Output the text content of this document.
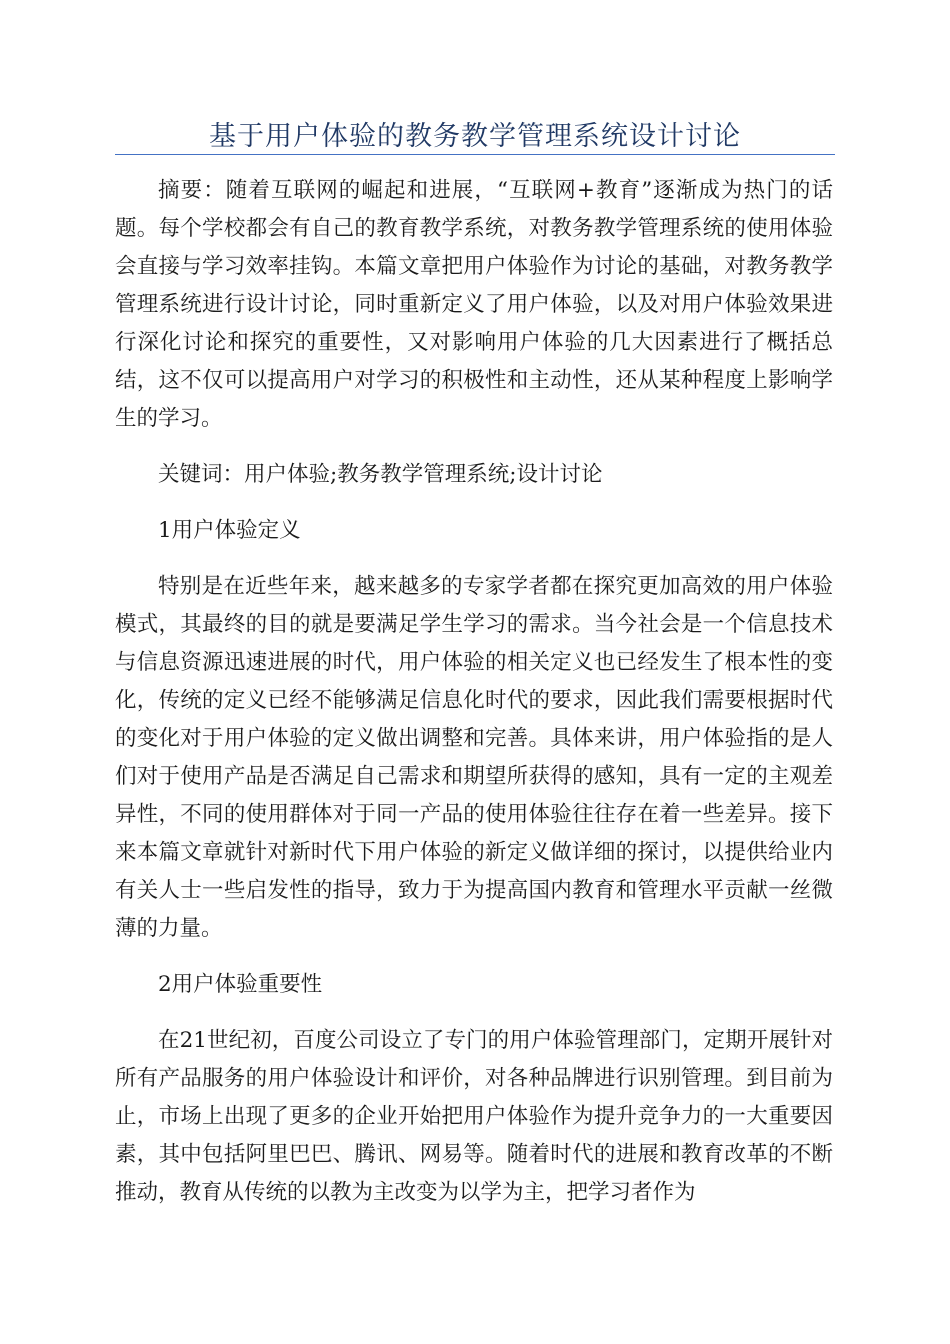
基于用户体验的教务教学管理系统设计讨论

摘要：随着互联网的崛起和进展，“互联网+教育”逐渐成为热门的话题。每个学校都会有自己的教育教学系统，对教务教学管理系统的使用体验会直接与学习效率挂钩。本篇文章把用户体验作为讨论的基础，对教务教学管理系统进行设计讨论，同时重新定义了用户体验，以及对用户体验效果进行深化讨论和探究的重要性，又对影响用户体验的几大因素进行了概括总结，这不仅可以提高用户对学习的积极性和主动性，还从某种程度上影响学生的学习。

关键词：用户体验;教务教学管理系统;设计讨论

1用户体验定义

特别是在近些年来，越来越多的专家学者都在探究更加高效的用户体验模式，其最终的目的就是要满足学生学习的需求。当今社会是一个信息技术与信息资源迅速进展的时代，用户体验的相关定义也已经发生了根本性的变化，传统的定义已经不能够满足信息化时代的要求，因此我们需要根据时代的变化对于用户体验的定义做出调整和完善。具体来讲，用户体验指的是人们对于使用产品是否满足自己需求和期望所获得的感知，具有一定的主观差异性，不同的使用群体对于同一产品的使用体验往往存在着一些差异。接下来本篇文章就针对新时代下用户体验的新定义做详细的探讨，以提供给业内有关人士一些启发性的指导，致力于为提高国内教育和管理水平贡献一丝微薄的力量。

2用户体验重要性

在21世纪初，百度公司设立了专门的用户体验管理部门，定期开展针对所有产品服务的用户体验设计和评价，对各种品牌进行识别管理。到目前为止，市场上出现了更多的企业开始把用户体验作为提升竞争力的一大重要因素，其中包括阿里巴巴、腾讯、网易等。随着时代的进展和教育改革的不断推动，教育从传统的以教为主改变为以学为主，把学习者作为
